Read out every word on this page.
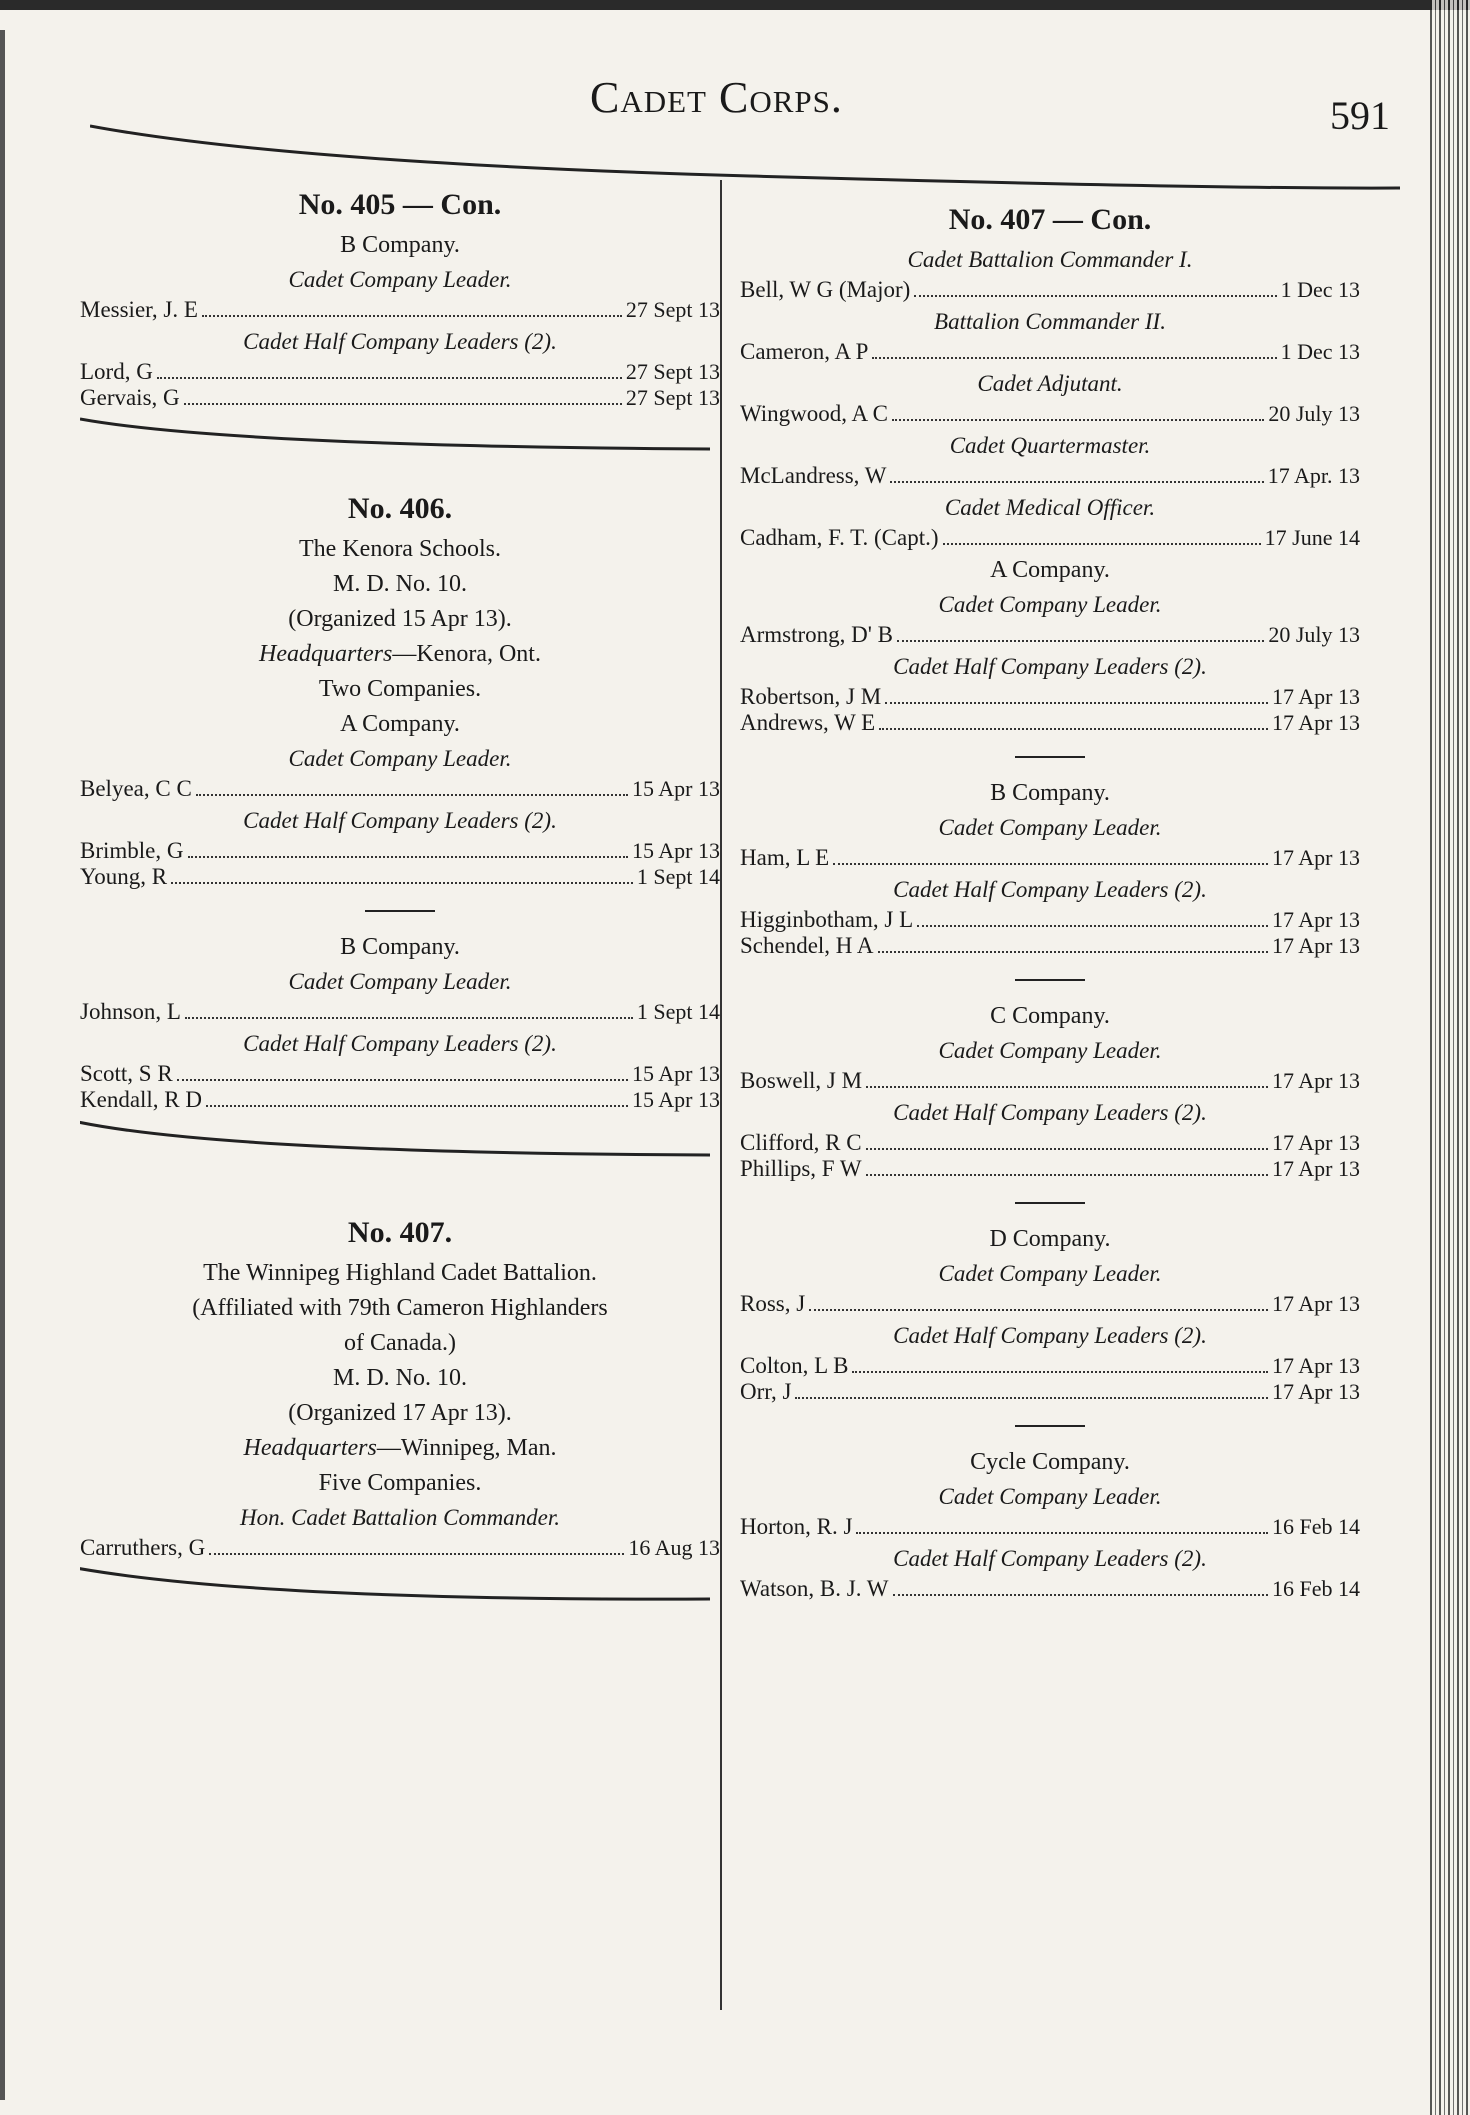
Cadet Corps.	591
No. 405 — Con.
B Company.
Cadet Company Leader.
Messier, J. E	27 Sept 13
Cadet Half Company Leaders (2).
Lord, G	27 Sept 13
Gervais, G	27 Sept 13
No. 406.
The Kenora Schools.
M. D. No. 10.
(Organized 15 Apr 13).
Headquarters—Kenora, Ont.
Two Companies.
A Company.
Cadet Company Leader.
Belyea, C C	15 Apr 13
Cadet Half Company Leaders (2).
Brimble, G	15 Apr 13
Young, R	1 Sept 14
B Company.
Cadet Company Leader.
Johnson, L	1 Sept 14
Cadet Half Company Leaders (2).
Scott, S R	15 Apr 13
Kendall, R D	15 Apr 13
No. 407.
The Winnipeg Highland Cadet Battalion.
(Affiliated with 79th Cameron Highlanders
of Canada.)
M. D. No. 10.
(Organized 17 Apr 13).
Headquarters—Winnipeg, Man.
Five Companies.
Hon. Cadet Battalion Commander.
Carruthers, G	16 Aug 13
No. 407 — Con.
Cadet Battalion Commander I.
Bell, W G (Major)	1 Dec 13
Battalion Commander II.
Cameron, A P	1 Dec 13
Cadet Adjutant.
Wingwood, A C	20 July 13
Cadet Quartermaster.
McLandress, W	17 Apr. 13
Cadet Medical Officer.
Cadham, F. T. (Capt.)	17 June 14
A Company.
Cadet Company Leader.
Armstrong, D' B	20 July 13
Cadet Half Company Leaders (2).
Robertson, J M	17 Apr 13
Andrews, W E	17 Apr 13
B Company.
Cadet Company Leader.
Ham, L E	17 Apr 13
Cadet Half Company Leaders (2).
Higginbotham, J L	17 Apr 13
Schendel, H A	17 Apr 13
C Company.
Cadet Company Leader.
Boswell, J M	17 Apr 13
Cadet Half Company Leaders (2).
Clifford, R C	17 Apr 13
Phillips, F W	17 Apr 13
D Company.
Cadet Company Leader.
Ross, J	17 Apr 13
Cadet Half Company Leaders (2).
Colton, L B	17 Apr 13
Orr, J	17 Apr 13
Cycle Company.
Cadet Company Leader.
Horton, R. J	16 Feb 14
Cadet Half Company Leaders (2).
Watson, B. J. W	16 Feb 14
